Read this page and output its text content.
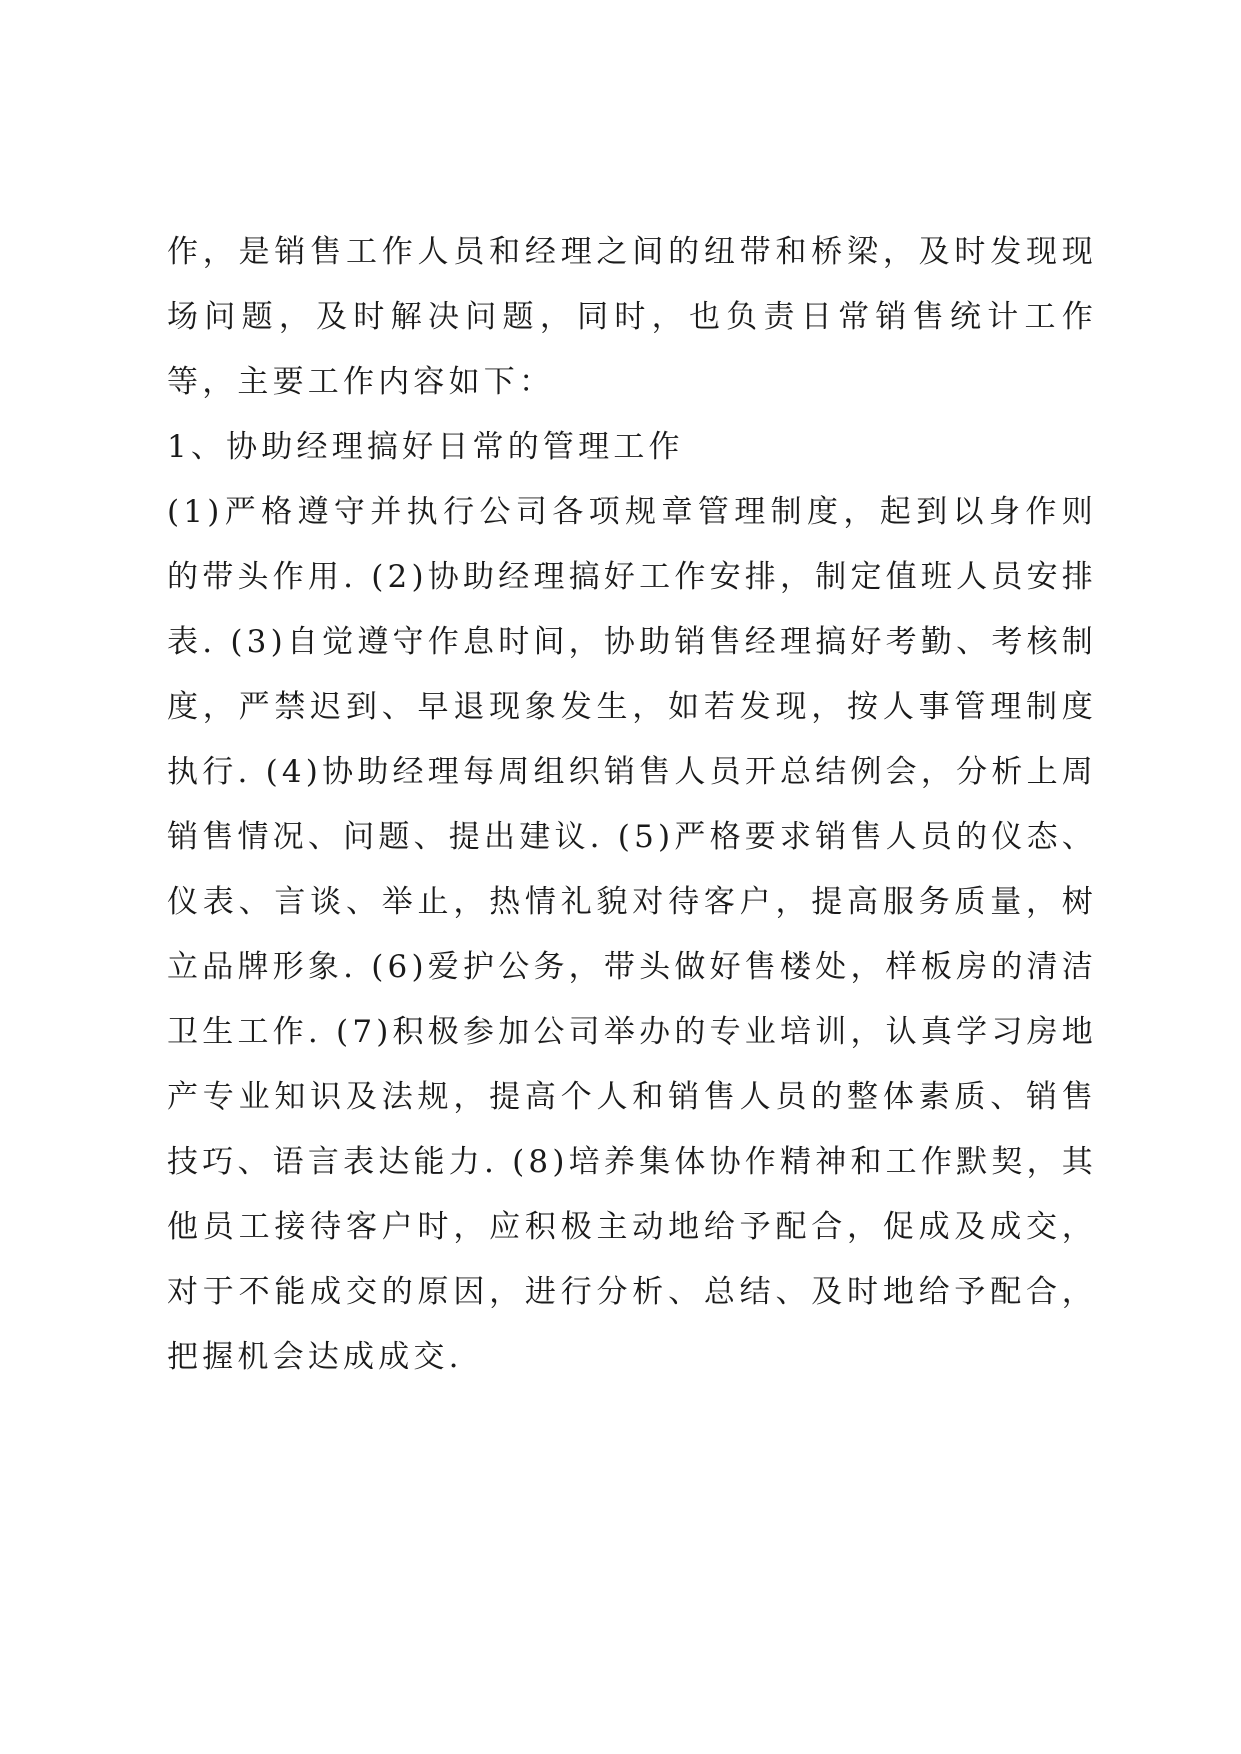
作，是销售工作人员和经理之间的纽带和桥梁，及时发现现场问题，及时解决问题，同时，也负责日常销售统计工作等，主要工作内容如下：

1、协助经理搞好日常的管理工作

(1)严格遵守并执行公司各项规章管理制度，起到以身作则的带头作用. (2)协助经理搞好工作安排，制定值班人员安排表. (3)自觉遵守作息时间，协助销售经理搞好考勤、考核制度，严禁迟到、早退现象发生，如若发现，按人事管理制度执行. (4)协助经理每周组织销售人员开总结例会，分析上周销售情况、问题、提出建议. (5)严格要求销售人员的仪态、仪表、言谈、举止，热情礼貌对待客户，提高服务质量，树立品牌形象. (6)爱护公务，带头做好售楼处，样板房的清洁卫生工作. (7)积极参加公司举办的专业培训，认真学习房地产专业知识及法规，提高个人和销售人员的整体素质、销售技巧、语言表达能力. (8)培养集体协作精神和工作默契，其他员工接待客户时，应积极主动地给予配合，促成及成交，对于不能成交的原因，进行分析、总结、及时地给予配合，把握机会达成成交.
